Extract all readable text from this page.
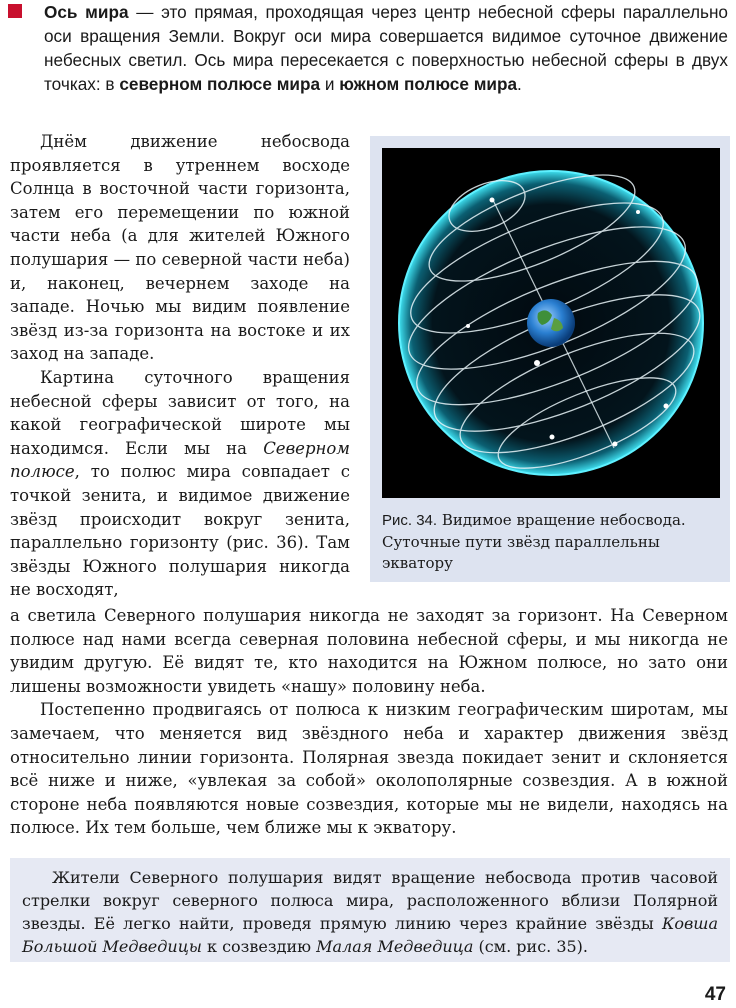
Ось мира — это прямая, проходящая через центр небесной сферы параллельно оси вращения Земли. Вокруг оси мира совершается видимое суточное движение небесных светил. Ось мира пересекается с поверхностью небесной сферы в двух точках: в северном полюсе мира и южном полюсе мира.

Днём движение небосвода проявляется в утреннем восходе Солнца в восточной части горизонта, затем его перемещении по южной части неба (а для жителей Южного полушария — по северной части неба) и, наконец, вечернем заходе на западе. Ночью мы видим появление звёзд из-за горизонта на востоке и их заход на западе.

Картина суточного вращения небесной сферы зависит от того, на какой географической широте мы находимся. Если мы на Северном полюсе, то полюс мира совпадает с точкой зенита, и видимое движение звёзд происходит вокруг зенита, параллельно горизонту (рис. 36). Там звёзды Южного полушария никогда не восходят,

Рис. 34. Видимое вращение небосвода. Суточные пути звёзд параллельны экватору

а светила Северного полушария никогда не заходят за горизонт. На Северном полюсе над нами всегда северная половина небесной сферы, и мы никогда не увидим другую. Её видят те, кто находится на Южном полюсе, но зато они лишены возможности увидеть «нашу» половину неба.

Постепенно продвигаясь от полюса к низким географическим широтам, мы замечаем, что меняется вид звёздного неба и характер движения звёзд относительно линии горизонта. Полярная звезда покидает зенит и склоняется всё ниже и ниже, «увлекая за собой» околополярные созвездия. А в южной стороне неба появляются новые созвездия, которые мы не видели, находясь на полюсе. Их тем больше, чем ближе мы к экватору.

Жители Северного полушария видят вращение небосвода против часовой стрелки вокруг северного полюса мира, расположенного вблизи Полярной звезды. Её легко найти, проведя прямую линию через крайние звёзды Ковша Большой Медведицы к созвездию Малая Медведица (см. рис. 35).

47
